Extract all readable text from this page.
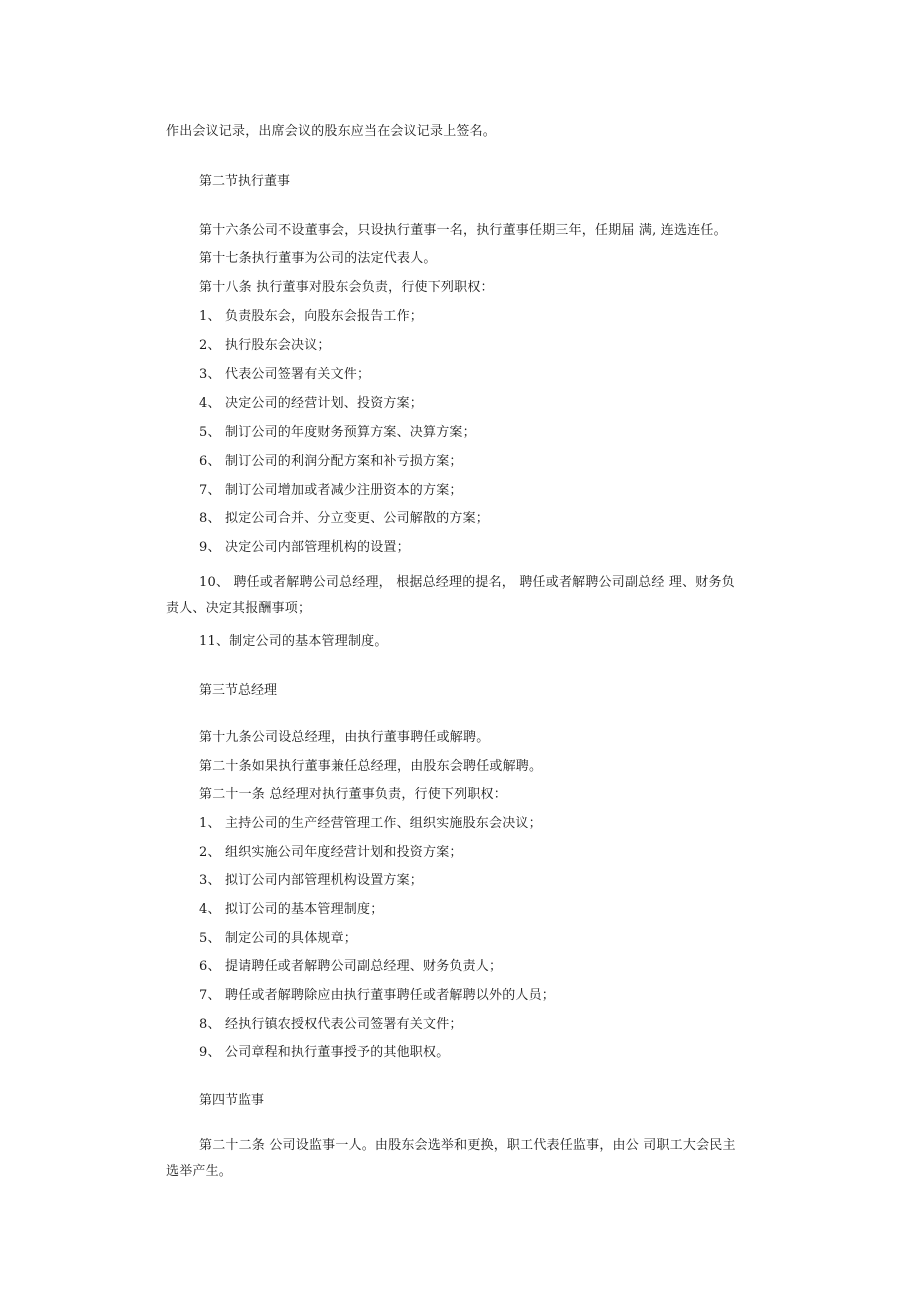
作出会议记录，出席会议的股东应当在会议记录上签名。
第二节执行董事
第十六条公司不设董事会，只设执行董事一名，执行董事任期三年，任期届 满, 连选连任。
第十七条执行董事为公司的法定代表人。
第十八条 执行董事对股东会负责，行使下列职权：
1、 负责股东会，向股东会报告工作；
2、 执行股东会决议；
3、 代表公司签署有关文件；
4、 决定公司的经营计划、投资方案；
5、 制订公司的年度财务预算方案、决算方案；
6、 制订公司的利润分配方案和补亏损方案；
7、 制订公司增加或者减少注册资本的方案；
8、 拟定公司合并、分立变更、公司解散的方案；
9、 决定公司内部管理机构的设置；
10、 聘任或者解聘公司总经理， 根据总经理的提名， 聘任或者解聘公司副总经 理、财务负责人、决定其报酬事项；
11、制定公司的基本管理制度。
第三节总经理
第十九条公司设总经理，由执行董事聘任或解聘。
第二十条如果执行董事兼任总经理，由股东会聘任或解聘。
第二十一条 总经理对执行董事负责，行使下列职权：
1、 主持公司的生产经营管理工作、组织实施股东会决议；
2、 组织实施公司年度经营计划和投资方案；
3、 拟订公司内部管理机构设置方案；
4、 拟订公司的基本管理制度；
5、 制定公司的具体规章；
6、 提请聘任或者解聘公司副总经理、财务负责人；
7、 聘任或者解聘除应由执行董事聘任或者解聘以外的人员；
8、 经执行镇农授权代表公司签署有关文件；
9、 公司章程和执行董事授予的其他职权。
第四节监事
第二十二条 公司设监事一人。由股东会选举和更换，职工代表任监事，由公 司职工大会民主选举产生。
